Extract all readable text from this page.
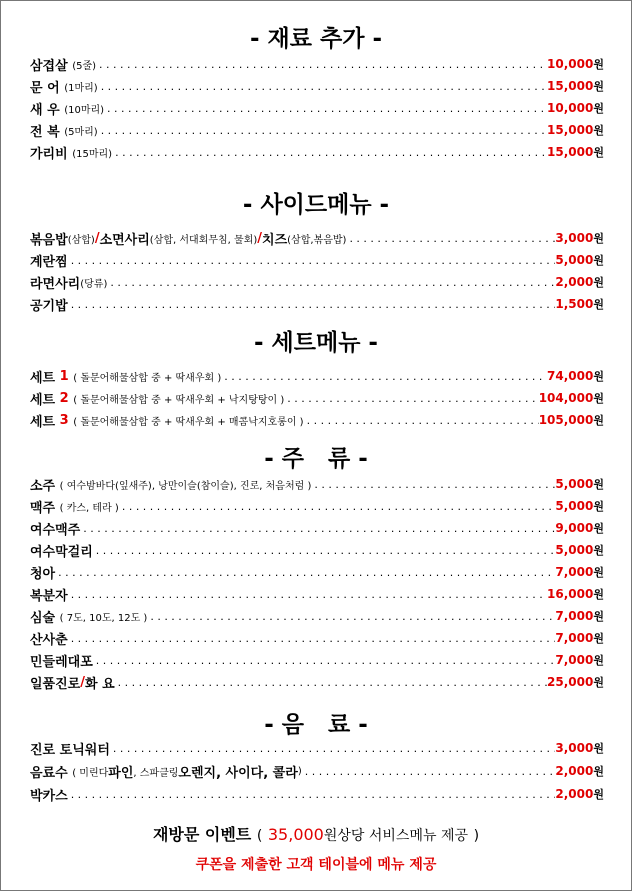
- 재료 추가 -
삼겹살
(5줄) . . .	10,000원
문 어
(1마리) . . .	15,000원
새 우
(10마리) . . .	10,000원
전 복
(5마리) . . .	15,000원
가리비
(15마리) . . .	15,000원
- 사이드메뉴 -
볶음밥 (삼합) / 소면사리 (삼합, 서대회무침, 물회) / 치즈 (삼합,볶음밥) . . .	3,000원
계란찜 . . .	5,000원
라면사리 (당류) . . .	2,000원
공기밥 . . .	1,500원
- 세트메뉴 -
세트
1
( 돌문어해물삼합 중 + 딱새우회 ) . . .	74,000원
세트
2
( 돌문어해물삼합 중 + 딱새우회 + 낙지탕탕이 ) . . .	104,000원
세트
3
( 돌문어해물삼합 중 + 딱새우회 + 매콤낙지호롱이 ) . . .	105,000원
- 주   류 -
소주
( 여수밤바다(잎새주), 낭만이슬(참이슬), 진로, 처음처럼 ) . . .	5,000원
맥주
( 카스, 테라 ) . . .	5,000원
여수맥주 . . .	9,000원
여수막걸리 . . .	5,000원
청아 . . .	7,000원
복분자 . . .	16,000원
심술
( 7도, 10도, 12도 ) . . .	7,000원
산사춘 . . .	7,000원
민들레대포 . . .	7,000원
일품진로 / 화 요 . . .	25,000원
- 음   료 -
진로 토닉워터 . . .	3,000원
음료수
( 미린다 파인 , 스파클링 오렌지, 사이다, 콜라 ) . . .	2,000원
박카스 . . .	2,000원
재방문 이벤트 ( 35,000원상당 서비스메뉴 제공 )
쿠폰을 제출한 고객 테이블에 메뉴 제공
